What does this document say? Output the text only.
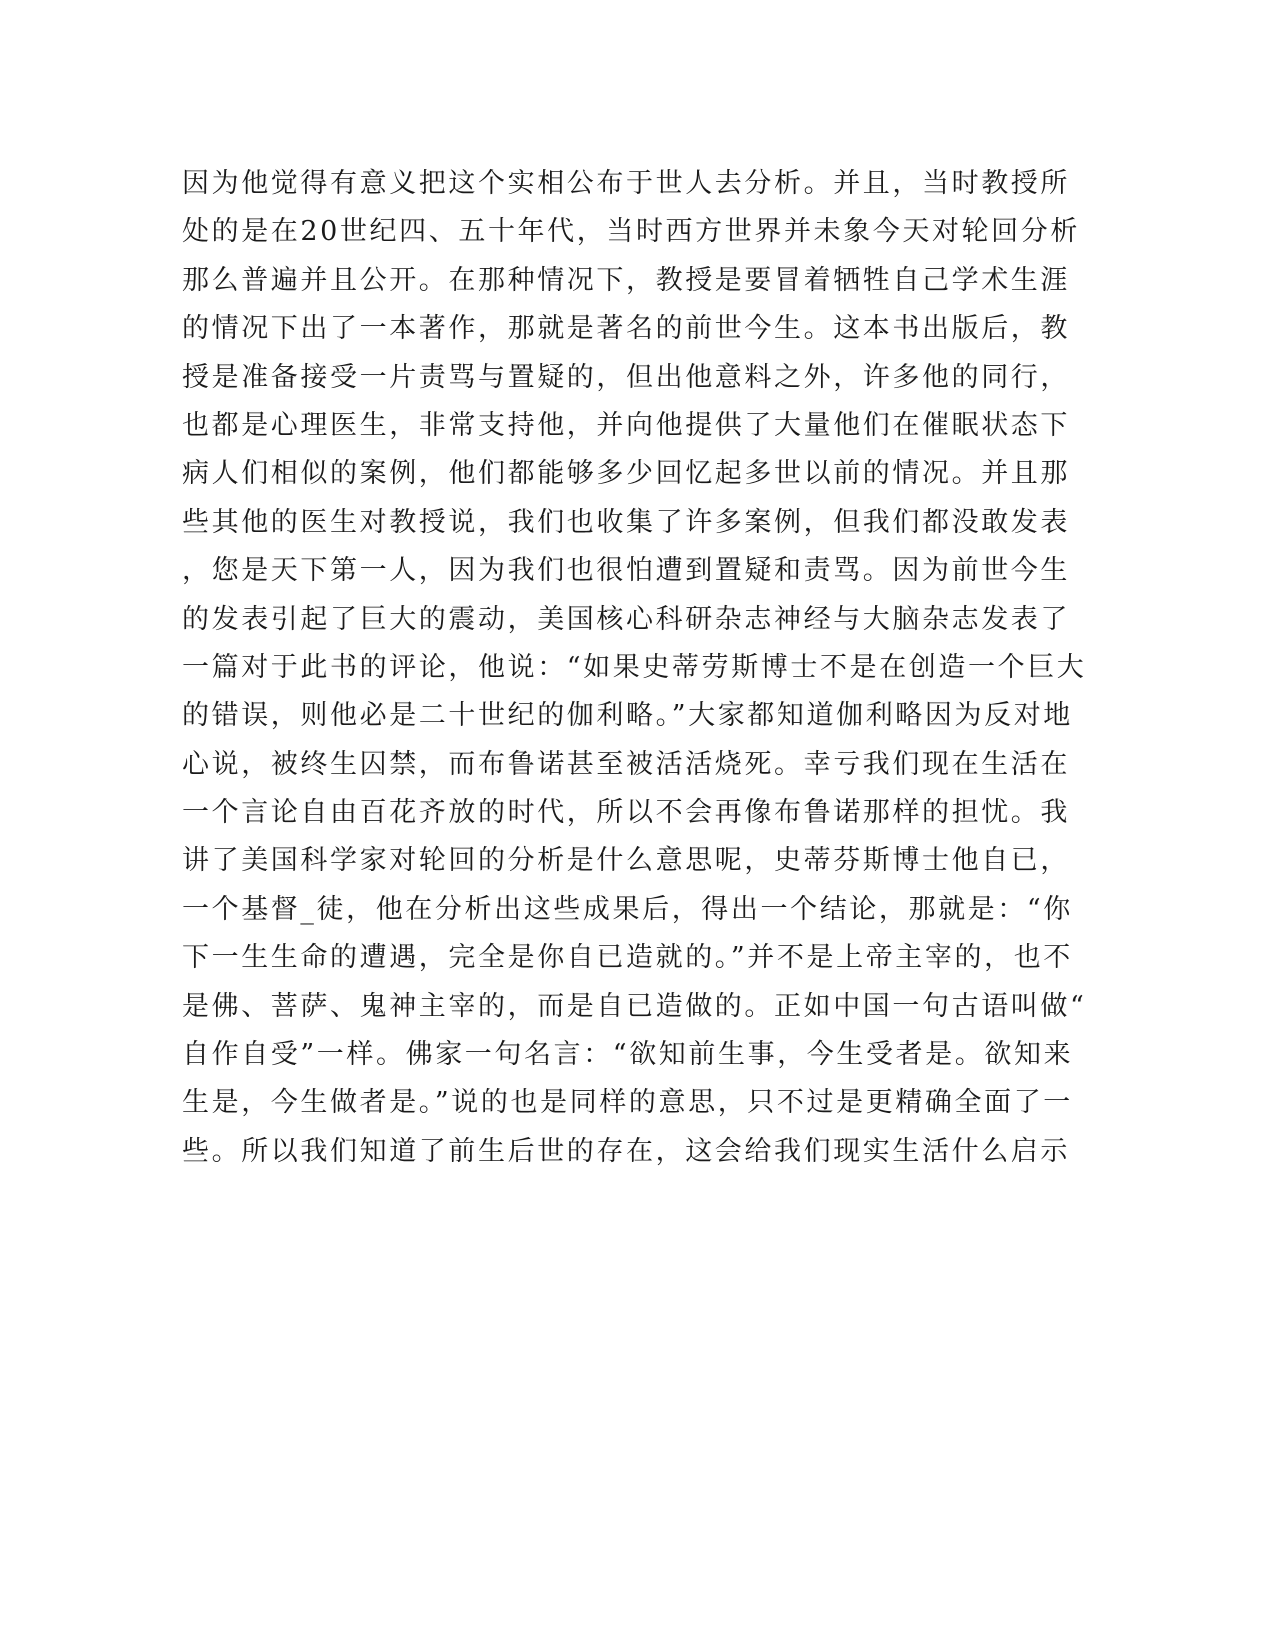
因为他觉得有意义把这个实相公布于世人去分析。并且，当时教授所
处的是在20世纪四、五十年代，当时西方世界并未象今天对轮回分析
那么普遍并且公开。在那种情况下，教授是要冒着牺牲自己学术生涯
的情况下出了一本著作，那就是著名的前世今生。这本书出版后，教
授是准备接受一片责骂与置疑的，但出他意料之外，许多他的同行，
也都是心理医生，非常支持他，并向他提供了大量他们在催眠状态下
病人们相似的案例，他们都能够多少回忆起多世以前的情况。并且那
些其他的医生对教授说，我们也收集了许多案例，但我们都没敢发表
，您是天下第一人，因为我们也很怕遭到置疑和责骂。因为前世今生
的发表引起了巨大的震动，美国核心科研杂志神经与大脑杂志发表了
一篇对于此书的评论，他说：“如果史蒂劳斯博士不是在创造一个巨大
的错误，则他必是二十世纪的伽利略。”大家都知道伽利略因为反对地
心说，被终生囚禁，而布鲁诺甚至被活活烧死。幸亏我们现在生活在
一个言论自由百花齐放的时代，所以不会再像布鲁诺那样的担忧。我
讲了美国科学家对轮回的分析是什么意思呢，史蒂芬斯博士他自已，
一个基督_徒，他在分析出这些成果后，得出一个结论，那就是：“你
下一生生命的遭遇，完全是你自已造就的。”并不是上帝主宰的，也不
是佛、菩萨、鬼神主宰的，而是自已造做的。正如中国一句古语叫做“
自作自受”一样。佛家一句名言：“欲知前生事，今生受者是。欲知来
生是，今生做者是。”说的也是同样的意思，只不过是更精确全面了一
些。所以我们知道了前生后世的存在，这会给我们现实生活什么启示
